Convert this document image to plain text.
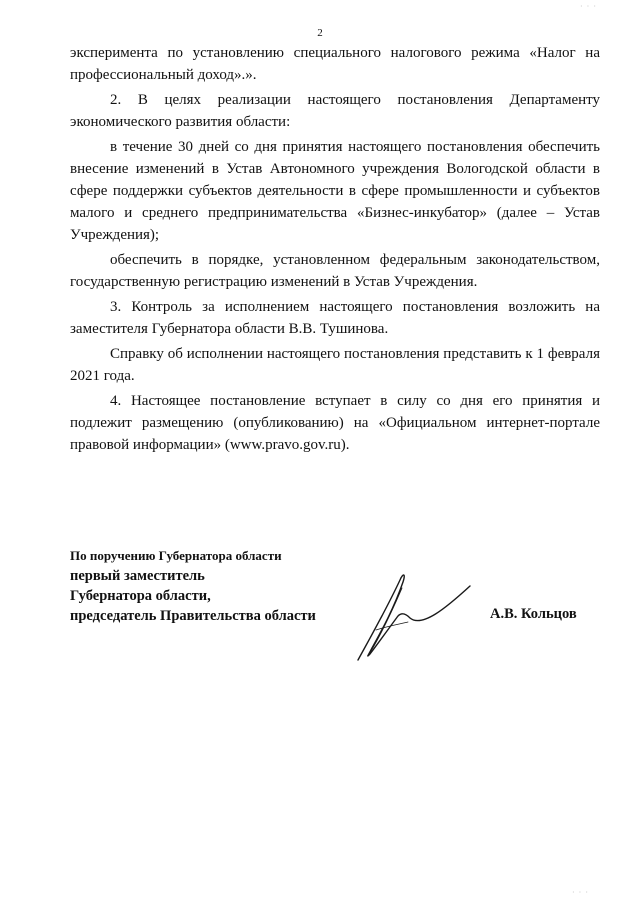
· · ·
2

эксперимента по установлению специального налогового режима «Налог на профессиональный доход».».

2. В целях реализации настоящего постановления Департаменту экономического развития области:

в течение 30 дней со дня принятия настоящего постановления обеспечить внесение изменений в Устав Автономного учреждения Вологодской области в сфере поддержки субъектов деятельности в сфере промышленности и субъектов малого и среднего предпринимательства «Бизнес-инкубатор» (далее – Устав Учреждения);

обеспечить в порядке, установленном федеральным законодательством, государственную регистрацию изменений в Устав Учреждения.

3. Контроль за исполнением настоящего постановления возложить на заместителя Губернатора области В.В. Тушинова.

Справку об исполнении настоящего постановления представить к 1 февраля 2021 года.

4. Настоящее постановление вступает в силу со дня его принятия и подлежит размещению (опубликованию) на «Официальном интернет-портале правовой информации» (www.pravo.gov.ru).

По поручению Губернатора области
первый заместитель
Губернатора области,
председатель Правительства области	А.В. Кольцов
· · ·
